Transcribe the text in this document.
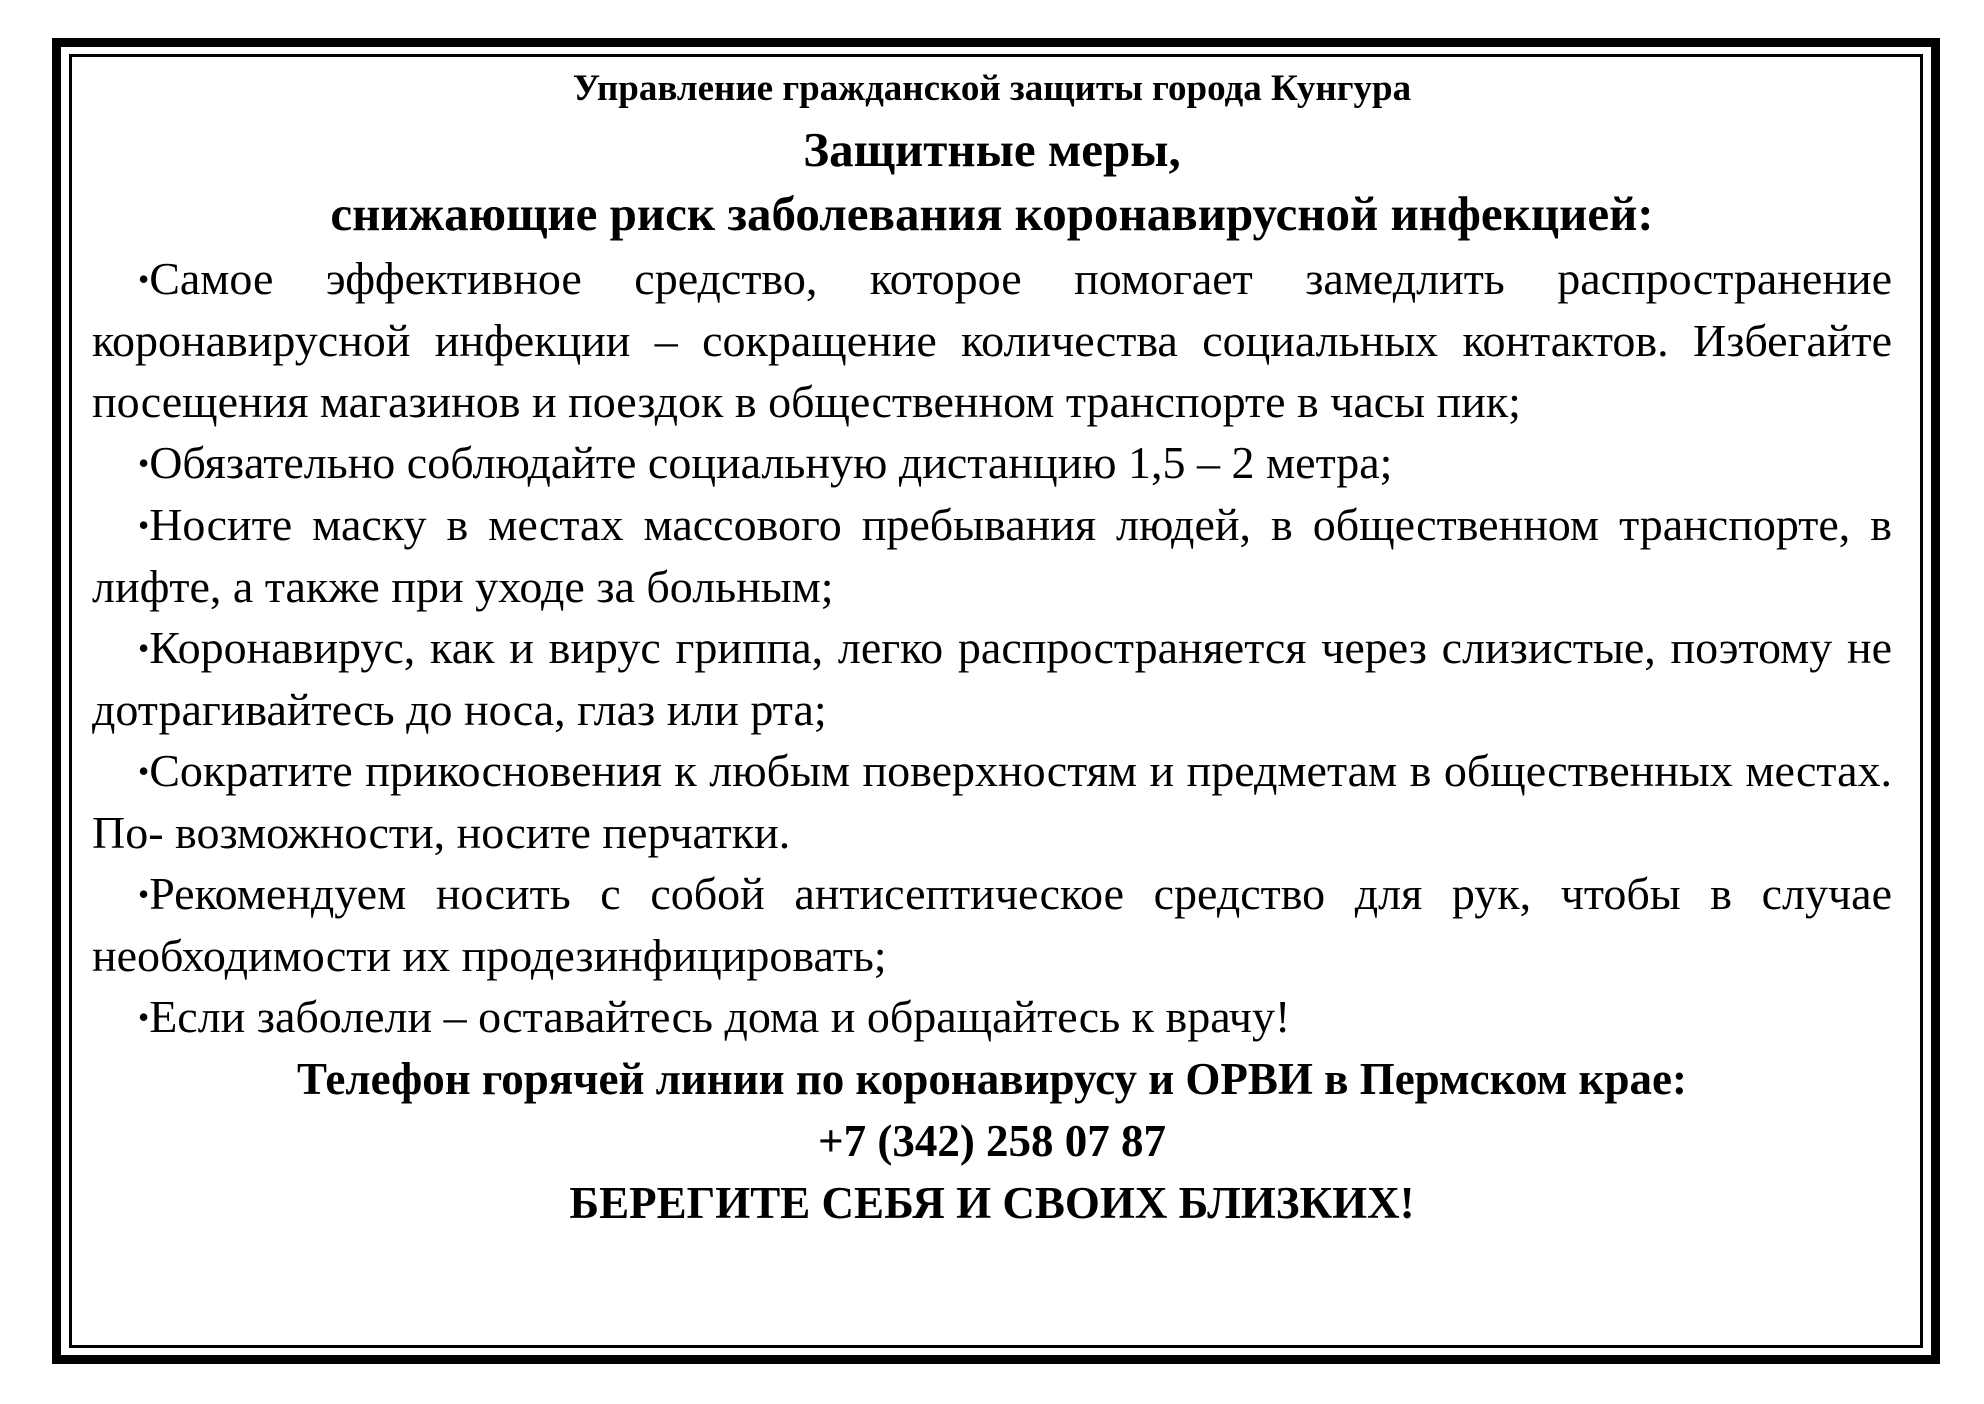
Управление гражданской защиты города Кунгура

Защитные меры,

снижающие риск заболевания коронавирусной инфекцией:

•Самое эффективное средство, которое помогает замедлить распространение коронавирусной инфекции – сокращение количества социальных контактов. Избегайте посещения магазинов и поездок в общественном транспорте в часы пик;

•Обязательно соблюдайте социальную дистанцию 1,5 – 2 метра;

•Носите маску в местах массового пребывания людей, в общественном транспорте, в лифте, а также при уходе за больным;

•Коронавирус, как и вирус гриппа, легко распространяется через слизистые, поэтому не дотрагивайтесь до носа, глаз или рта;

•Сократите прикосновения к любым поверхностям и предметам в общественных местах. По- возможности, носите перчатки.

•Рекомендуем носить с собой антисептическое средство для рук, чтобы в случае необходимости их продезинфицировать;

•Если заболели – оставайтесь дома и обращайтесь к врачу!

Телефон горячей линии по коронавирусу и ОРВИ в Пермском крае:

+7 (342) 258 07 87

БЕРЕГИТЕ СЕБЯ И СВОИХ БЛИЗКИХ!
